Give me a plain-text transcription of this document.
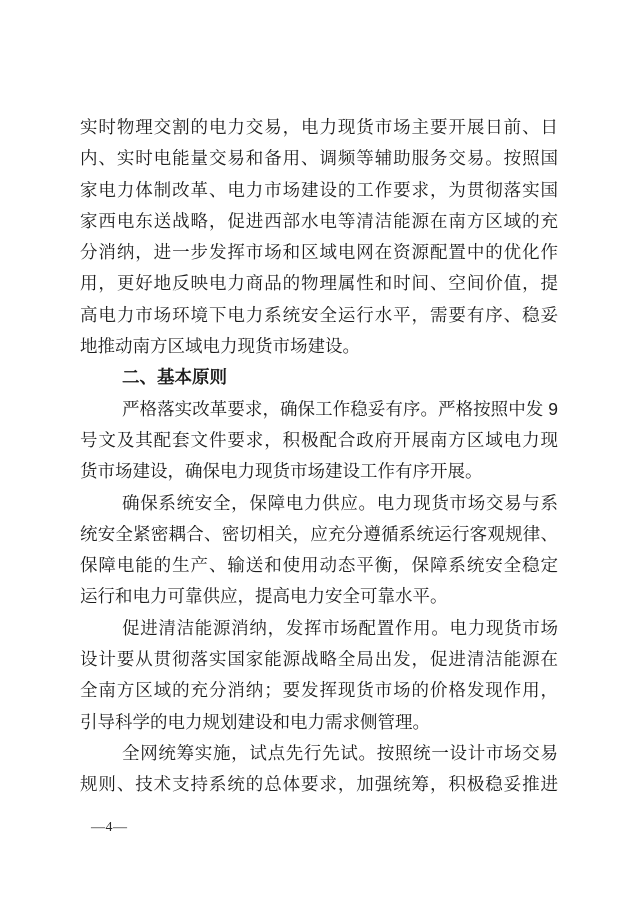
实时物理交割的电力交易，电力现货市场主要开展日前、日
内、实时电能量交易和备用、调频等辅助服务交易。按照国
家电力体制改革、电力市场建设的工作要求，为贯彻落实国
家西电东送战略，促进西部水电等清洁能源在南方区域的充
分消纳，进一步发挥市场和区域电网在资源配置中的优化作
用，更好地反映电力商品的物理属性和时间、空间价值，提
高电力市场环境下电力系统安全运行水平，需要有序、稳妥
地推动南方区域电力现货市场建设。
二、基本原则
严格落实改革要求，确保工作稳妥有序。严格按照中发 9
号文及其配套文件要求，积极配合政府开展南方区域电力现
货市场建设，确保电力现货市场建设工作有序开展。
确保系统安全，保障电力供应。电力现货市场交易与系
统安全紧密耦合、密切相关，应充分遵循系统运行客观规律、
保障电能的生产、输送和使用动态平衡，保障系统安全稳定
运行和电力可靠供应，提高电力安全可靠水平。
促进清洁能源消纳，发挥市场配置作用。电力现货市场
设计要从贯彻落实国家能源战略全局出发，促进清洁能源在
全南方区域的充分消纳；要发挥现货市场的价格发现作用，
引导科学的电力规划建设和电力需求侧管理。
全网统筹实施，试点先行先试。按照统一设计市场交易
规则、技术支持系统的总体要求，加强统筹，积极稳妥推进
—4—
